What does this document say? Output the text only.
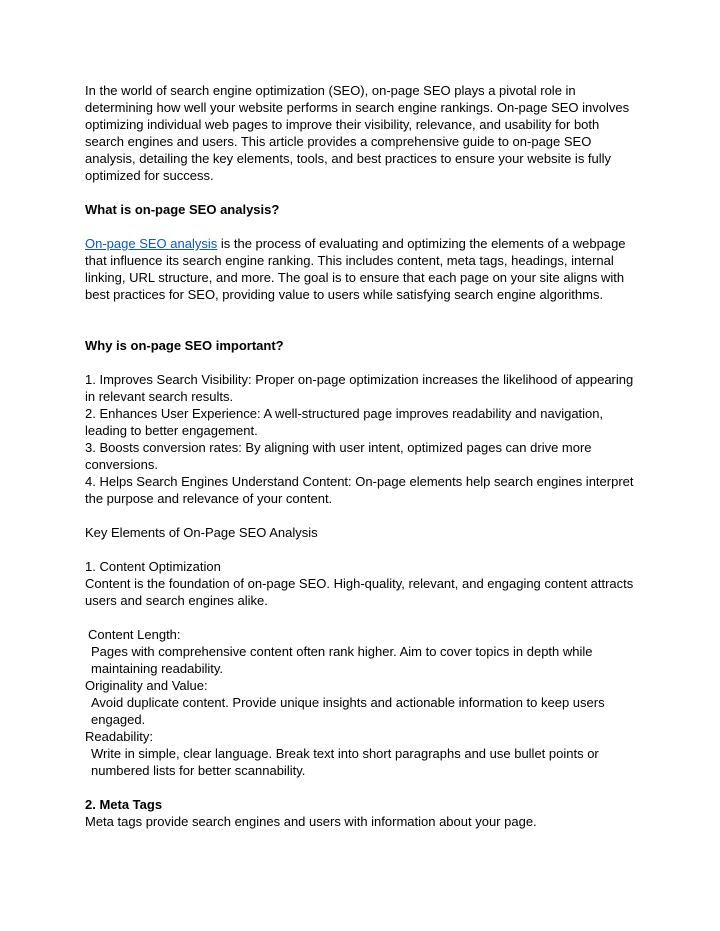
In the world of search engine optimization (SEO), on-page SEO plays a pivotal role in determining how well your website performs in search engine rankings. On-page SEO involves optimizing individual web pages to improve their visibility, relevance, and usability for both search engines and users. This article provides a comprehensive guide to on-page SEO analysis, detailing the key elements, tools, and best practices to ensure your website is fully optimized for success.

What is on-page SEO analysis?

On-page SEO analysis is the process of evaluating and optimizing the elements of a webpage that influence its search engine ranking. This includes content, meta tags, headings, internal linking, URL structure, and more. The goal is to ensure that each page on your site aligns with best practices for SEO, providing value to users while satisfying search engine algorithms.

Why is on-page SEO important?

1. Improves Search Visibility: Proper on-page optimization increases the likelihood of appearing in relevant search results.

2. Enhances User Experience: A well-structured page improves readability and navigation, leading to better engagement.

3. Boosts conversion rates: By aligning with user intent, optimized pages can drive more conversions.

4. Helps Search Engines Understand Content: On-page elements help search engines interpret the purpose and relevance of your content.

Key Elements of On-Page SEO Analysis

1. Content Optimization

Content is the foundation of on-page SEO. High-quality, relevant, and engaging content attracts users and search engines alike.

Content Length:

Pages with comprehensive content often rank higher. Aim to cover topics in depth while maintaining readability.

Originality and Value:

Avoid duplicate content. Provide unique insights and actionable information to keep users engaged.

Readability:

Write in simple, clear language. Break text into short paragraphs and use bullet points or numbered lists for better scannability.

2. Meta Tags

Meta tags provide search engines and users with information about your page.
